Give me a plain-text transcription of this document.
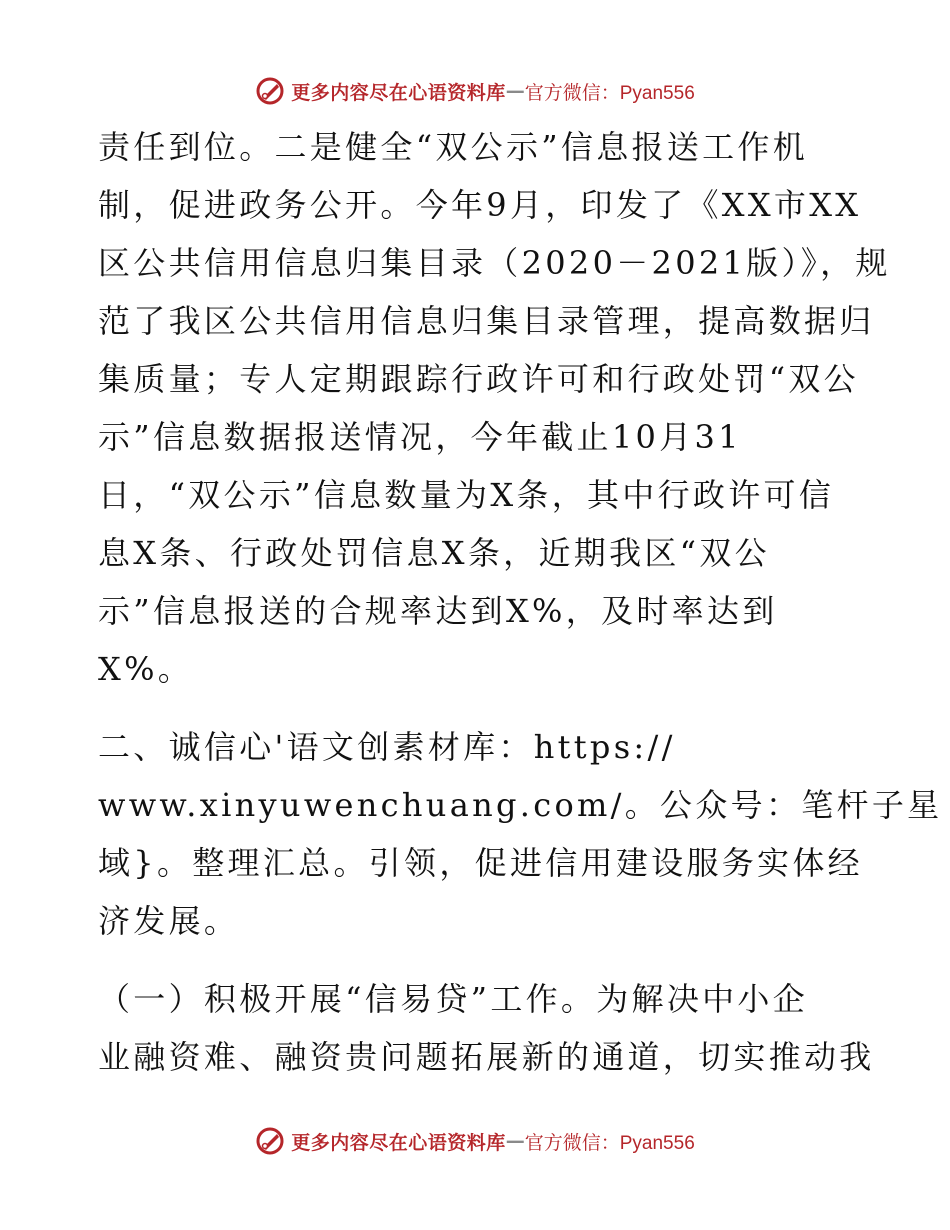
更多内容尽在心语资料库 — 官方微信：Pyan556
责任到位。二是健全“双公示”信息报送工作机
制，促进政务公开。今年9月，印发了《XX市XX
区公共信用信息归集目录（2020－2021版）》，规
范了我区公共信用信息归集目录管理，提高数据归
集质量；专人定期跟踪行政许可和行政处罚“双公
示”信息数据报送情况，今年截止10月31
日，“双公示”信息数量为X条，其中行政许可信
息X条、行政处罚信息X条，近期我区“双公
示”信息报送的合规率达到X%，及时率达到
X%。
二、诚信心'语文创素材库：https://
www.xinyuwenchuang.com/。公众号：笔杆子星
域}。整理汇总。引领，促进信用建设服务实体经
济发展。
（一）积极开展“信易贷”工作。为解决中小企
业融资难、融资贵问题拓展新的通道，切实推动我
更多内容尽在心语资料库 — 官方微信：Pyan556
